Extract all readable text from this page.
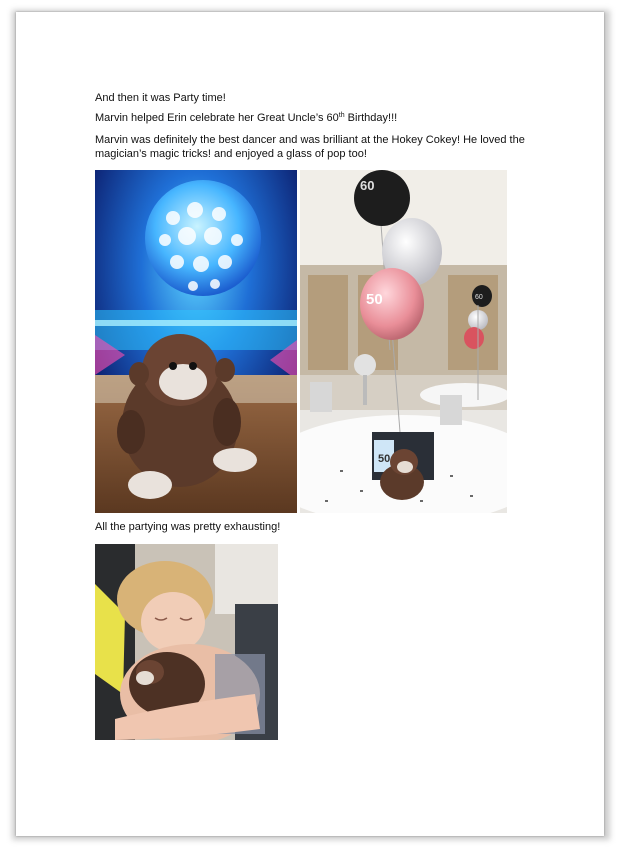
And then it was Party time!
Marvin helped Erin celebrate her Great Uncle’s 60th Birthday!!!
Marvin was definitely the best dancer and was brilliant at the Hokey Cokey! He loved the magician’s magic tricks! and enjoyed a glass of pop too!
50
60
50	60
All the partying was pretty exhausting!
